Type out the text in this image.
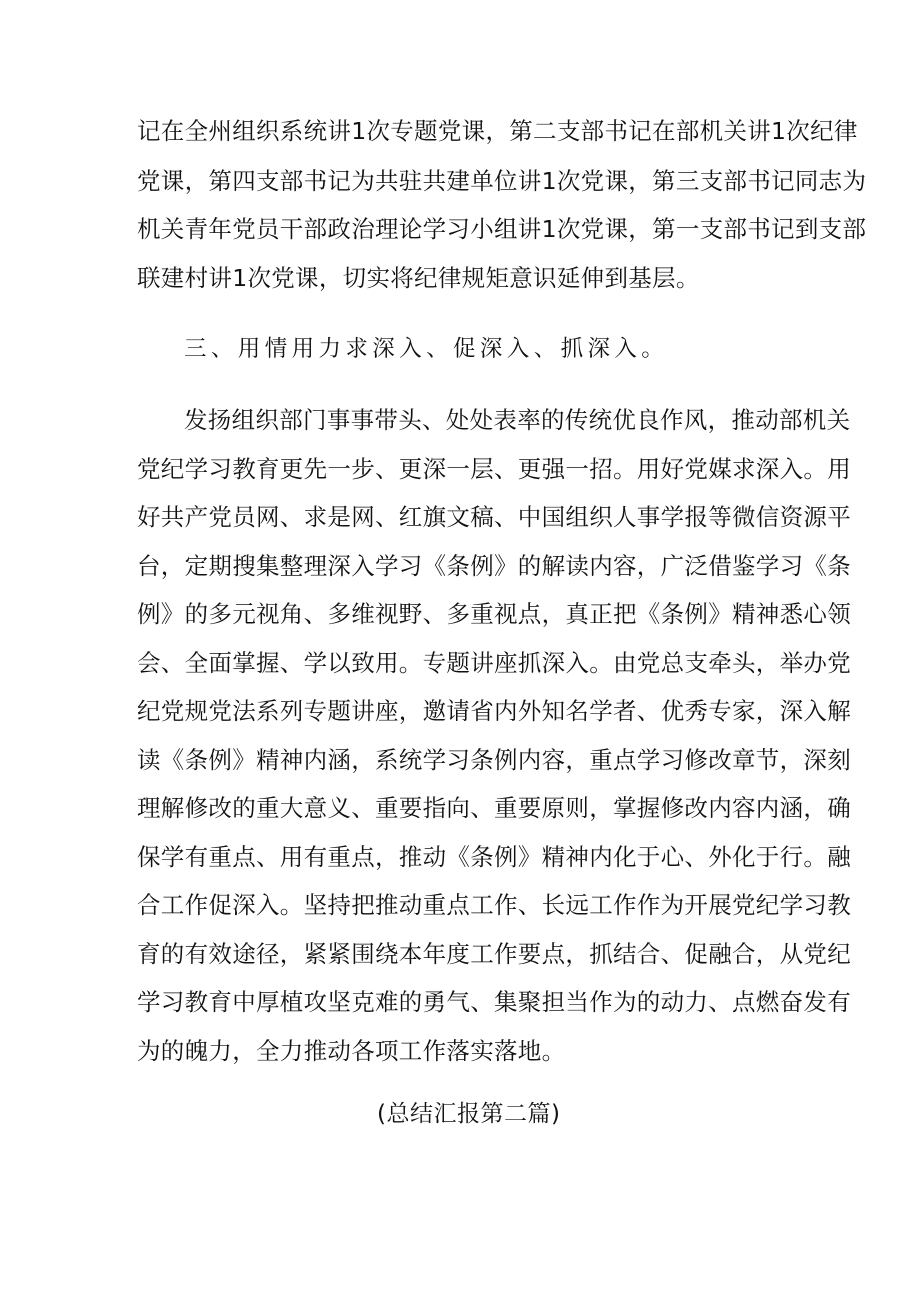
记在全州组织系统讲1次专题党课，第二支部书记在部机关讲1次纪律
党课，第四支部书记为共驻共建单位讲1次党课，第三支部书记同志为
机关青年党员干部政治理论学习小组讲1次党课，第一支部书记到支部
联建村讲1次党课，切实将纪律规矩意识延伸到基层。
三、用情用力求深入、促深入、抓深入。
发扬组织部门事事带头、处处表率的传统优良作风，推动部机关
党纪学习教育更先一步、更深一层、更强一招。用好党媒求深入。用
好共产党员网、求是网、红旗文稿、中国组织人事学报等微信资源平
台，定期搜集整理深入学习《条例》的解读内容，广泛借鉴学习《条
例》的多元视角、多维视野、多重视点，真正把《条例》精神悉心领
会、全面掌握、学以致用。专题讲座抓深入。由党总支牵头，举办党
纪党规党法系列专题讲座，邀请省内外知名学者、优秀专家，深入解
读《条例》精神内涵，系统学习条例内容，重点学习修改章节，深刻
理解修改的重大意义、重要指向、重要原则，掌握修改内容内涵，确
保学有重点、用有重点，推动《条例》精神内化于心、外化于行。融
合工作促深入。坚持把推动重点工作、长远工作作为开展党纪学习教
育的有效途径，紧紧围绕本年度工作要点，抓结合、促融合，从党纪
学习教育中厚植攻坚克难的勇气、集聚担当作为的动力、点燃奋发有
为的魄力，全力推动各项工作落实落地。
(总结汇报第二篇)
